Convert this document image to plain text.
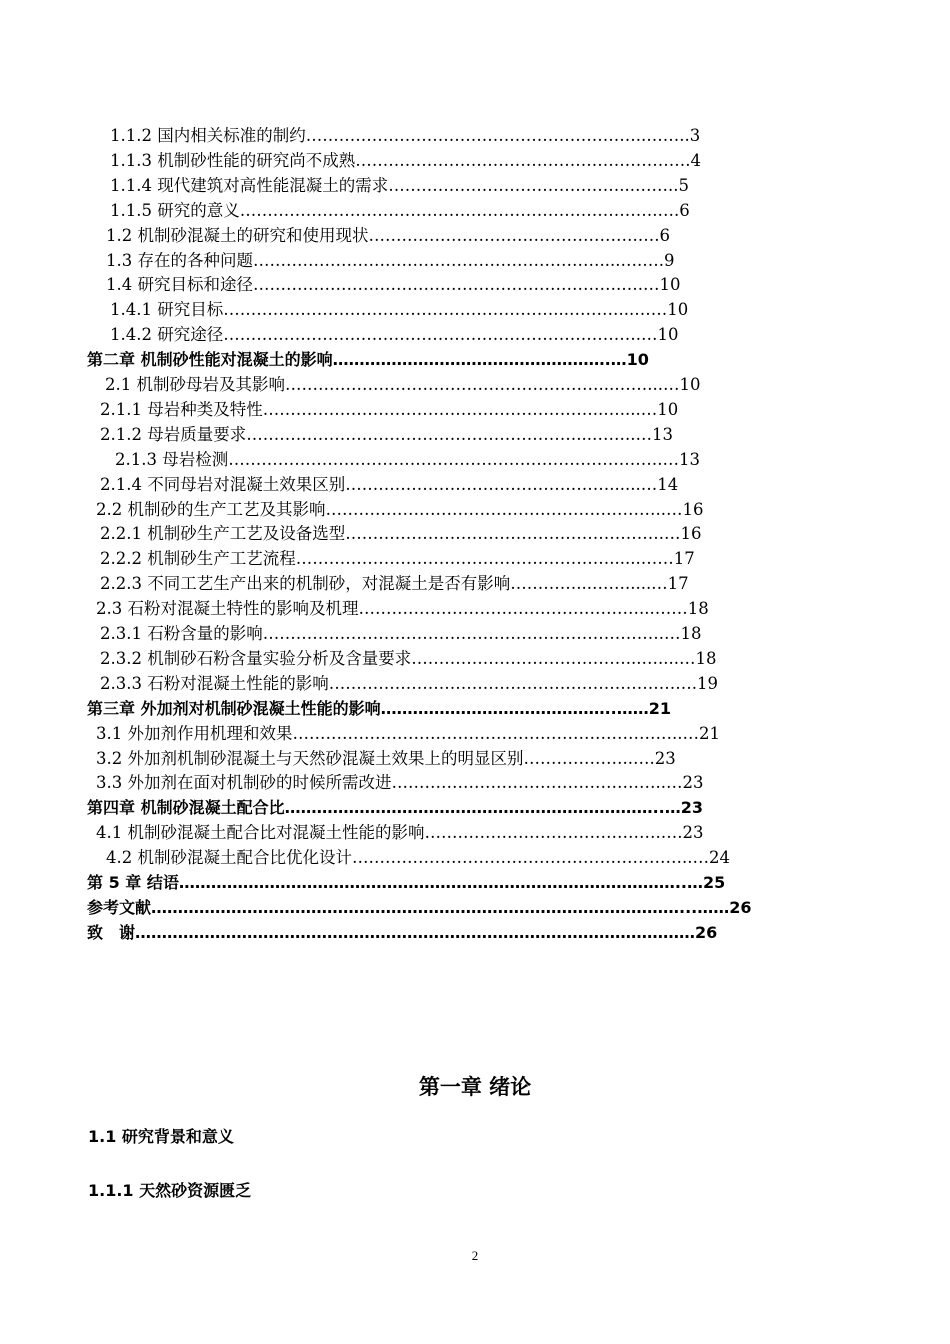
1.1.2 国内相关标准的制约……………………………………………………..……..3
1.1.3 机制砂性能的研究尚不成熟…………………………………………………….4
1.1.4 现代建筑对高性能混凝土的需求……………………………………...……..5
1.1.5 研究的意义………………………………………………………………….….6
1.2 机制砂混凝土的研究和使用现状………………………………………….….6
1.3 存在的各种问题………………………………………………………....….….9
1.4 研究目标和途径………………………………………………………….….…10
1.4.1 研究目标……………………………………………………...………...……10
1.4.2 研究途径………………………………………………………………….…10
第二章 机制砂性能对混凝土的影响…………………………………………….…10
2.1 机制砂母岩及其影响…………………………………………………...……...…10
2.1.1 母岩种类及特性……………………………………………………..…....…10
2.1.2 母岩质量要求……………………………………………………...……..…13
2.1.3 母岩检测…………………………………………………………………….…13
2.1.4 不同母岩对混凝土效果区别…………………………………………......…14
2.2 机制砂的生产工艺及其影响……………………………………………………..…16
2.2.1 机制砂生产工艺及设备选型………………………………………………….…16
2.2.2 机制砂生产工艺流程…………………………………………………......……17
2.2.3 不同工艺生产出来的机制砂，对混凝土是否有影响…………...…….....…17
2.3 石粉对混凝土特性的影响及机理……………………………………………...……18
2.3.1 石粉含量的影响……………………………………………………………….…18
2.3.2 机制砂石粉含量实验分析及含量要求…………………………………...…....…18
2.3.3 石粉对混凝土性能的影响………………………………………………………….19
第三章 外加剂对机制砂混凝土性能的影响……………………………………..……21
3.1 外加剂作用机理和效果……………………………………………………………..…21
3.2 外加剂机制砂混凝土与天然砂混凝土效果上的明显区别………………..….23
3.3 外加剂在面对机制砂的时候所需改进…………………………………………..…23
第四章 机制砂混凝土配合比……………………………………………………………..…23
4.1 机制砂混凝土配合比对混凝土性能的影响…………………………………….….23
4.2 机制砂混凝土配合比优化设计……………………………………………………..…24
第 5 章 结语…………………………………………………………………………………..…25
参考文献………………………………………………………………………………………...……26
致　谢……………………………………………………………………………………………26
第一章 绪论
1.1 研究背景和意义
1.1.1 天然砂资源匮乏
2
